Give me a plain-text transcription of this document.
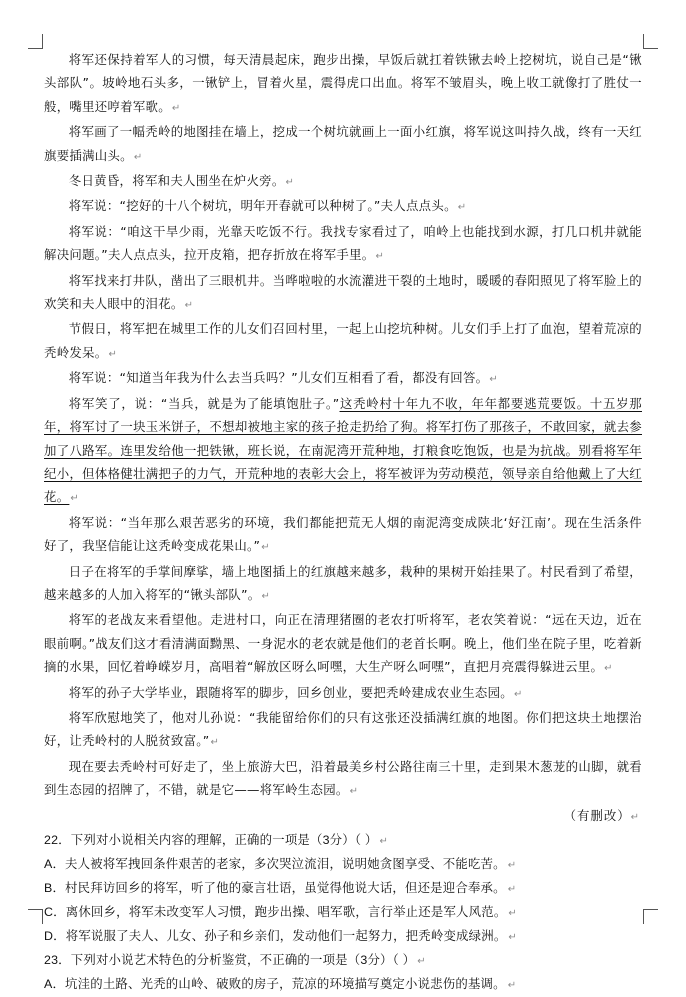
将军还保持着军人的习惯，每天清晨起床，跑步出操，早饭后就扛着铁锹去岭上挖树坑，说自己是“锹头部队”。坡岭地石头多，一锹铲上，冒着火星，震得虎口出血。将军不皱眉头，晚上收工就像打了胜仗一般，嘴里还哼着军歌。↵

将军画了一幅秃岭的地图挂在墙上，挖成一个树坑就画上一面小红旗，将军说这叫持久战，终有一天红旗要插满山头。↵

冬日黄昏，将军和夫人围坐在炉火旁。↵

将军说：“挖好的十八个树坑，明年开春就可以种树了。”夫人点点头。↵

将军说：“咱这干旱少雨，光靠天吃饭不行。我找专家看过了，咱岭上也能找到水源，打几口机井就能解决问题。”夫人点点头，拉开皮箱，把存折放在将军手里。↵

将军找来打井队，凿出了三眼机井。当哗啦啦的水流灌进干裂的土地时，暖暖的春阳照见了将军脸上的欢笑和夫人眼中的泪花。↵

节假日，将军把在城里工作的儿女们召回村里，一起上山挖坑种树。儿女们手上打了血泡，望着荒凉的秃岭发呆。↵

将军说：“知道当年我为什么去当兵吗？”儿女们互相看了看，都没有回答。↵

将军笑了，说：“当兵，就是为了能填饱肚子。”这秃岭村十年九不收，年年都要逃荒要饭。十五岁那年，将军讨了一块玉米饼子，不想却被地主家的孩子抢走扔给了狗。将军打伤了那孩子，不敢回家，就去参加了八路军。连里发给他一把铁锹，班长说，在南泥湾开荒种地，打粮食吃饱饭，也是为抗战。别看将军年纪小，但体格健壮满把子的力气，开荒种地的表彰大会上，将军被评为劳动模范，领导亲自给他戴上了大红花。↵

将军说：“当年那么艰苦恶劣的环境，我们都能把荒无人烟的南泥湾变成陕北‘好江南’。现在生活条件好了，我坚信能让这秃岭变成花果山。”↵

日子在将军的手掌间摩挲，墙上地图插上的红旗越来越多，栽种的果树开始挂果了。村民看到了希望，越来越多的人加入将军的“锹头部队”。↵

将军的老战友来看望他。走进村口，向正在清理猪圈的老农打听将军，老农笑着说：“远在天边，近在眼前啊。”战友们这才看清满面黝黑、一身泥水的老农就是他们的老首长啊。晚上，他们坐在院子里，吃着新摘的水果，回忆着峥嵘岁月，高唱着“解放区呀么呵嘿，大生产呀么呵嘿”，直把月亮震得躲进云里。↵

将军的孙子大学毕业，跟随将军的脚步，回乡创业，要把秃岭建成农业生态园。↵

将军欣慰地笑了，他对儿孙说：“我能留给你们的只有这张还没插满红旗的地图。你们把这块土地摆治好，让秃岭村的人脱贫致富。”↵

现在要去秃岭村可好走了，坐上旅游大巴，沿着最美乡村公路往南三十里，走到果木葱茏的山脚，就看到生态园的招牌了，不错，就是它——将军岭生态园。↵

（有删改）↵

22．下列对小说相关内容的理解，正确的一项是（3分）（ ） ↵

A．夫人被将军拽回条件艰苦的老家，多次哭泣流泪，说明她贪图享受、不能吃苦。 ↵

B．村民拜访回乡的将军，听了他的豪言壮语，虽觉得他说大话，但还是迎合奉承。 ↵

C．离休回乡，将军未改变军人习惯，跑步出操、唱军歌，言行举止还是军人风范。 ↵

D．将军说服了夫人、儿女、孙子和乡亲们，发动他们一起努力，把秃岭变成绿洲。 ↵

23．下列对小说艺术特色的分析鉴赏，不正确的一项是（3分）（ ） ↵

A．坑洼的土路、光秃的山岭、破败的房子，荒凉的环境描写奠定小说悲伤的基调。 ↵
